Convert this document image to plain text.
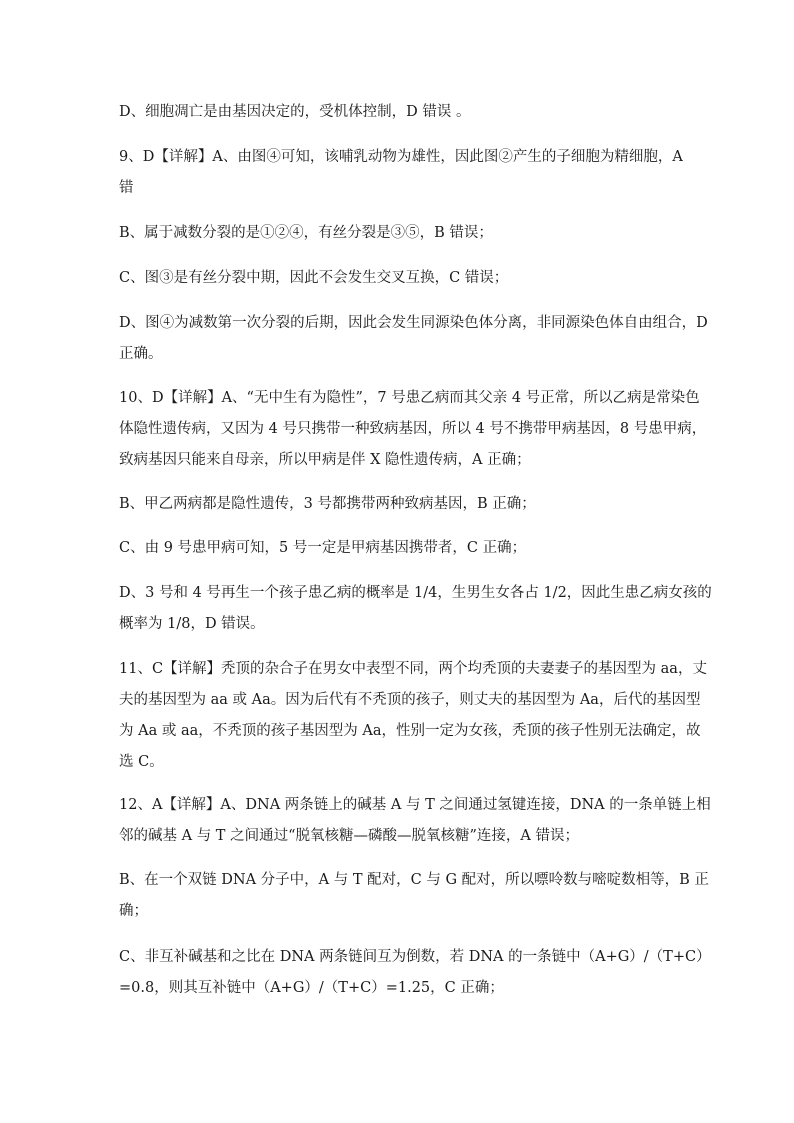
D、细胞凋亡是由基因决定的，受机体控制，D 错误 。
9、D【详解】A、由图④可知，该哺乳动物为雄性，因此图②产生的子细胞为精细胞，A
错
B、属于减数分裂的是①②④，有丝分裂是③⑤，B 错误；
C、图③是有丝分裂中期，因此不会发生交叉互换，C 错误；
D、图④为减数第一次分裂的后期，因此会发生同源染色体分离，非同源染色体自由组合，D
正确。
10、D【详解】A、“无中生有为隐性”，7 号患乙病而其父亲 4 号正常，所以乙病是常染色
体隐性遗传病，又因为 4 号只携带一种致病基因，所以 4 号不携带甲病基因，8 号患甲病，
致病基因只能来自母亲，所以甲病是伴 X 隐性遗传病，A 正确；
B、甲乙两病都是隐性遗传，3 号都携带两种致病基因，B 正确；
C、由 9 号患甲病可知，5 号一定是甲病基因携带者，C 正确；
D、3 号和 4 号再生一个孩子患乙病的概率是 1/4，生男生女各占 1/2，因此生患乙病女孩的
概率为 1/8，D 错误。
11、C【详解】秃顶的杂合子在男女中表型不同，两个均秃顶的夫妻妻子的基因型为 aa，丈
夫的基因型为 aa 或 Aa。因为后代有不秃顶的孩子，则丈夫的基因型为 Aa，后代的基因型
为 Aa 或 aa，不秃顶的孩子基因型为 Aa，性别一定为女孩，秃顶的孩子性别无法确定，故
选 C。
12、A【详解】A、DNA 两条链上的碱基 A 与 T 之间通过氢键连接，DNA 的一条单链上相
邻的碱基 A 与 T 之间通过“脱氧核糖—磷酸—脱氧核糖”连接，A 错误；
B、在一个双链 DNA 分子中，A 与 T 配对，C 与 G 配对，所以嘌呤数与嘧啶数相等，B 正
确；
C、非互补碱基和之比在 DNA 两条链间互为倒数，若 DNA 的一条链中（A+G）/（T+C）
=0.8，则其互补链中（A+G）/（T+C）=1.25，C 正确；
